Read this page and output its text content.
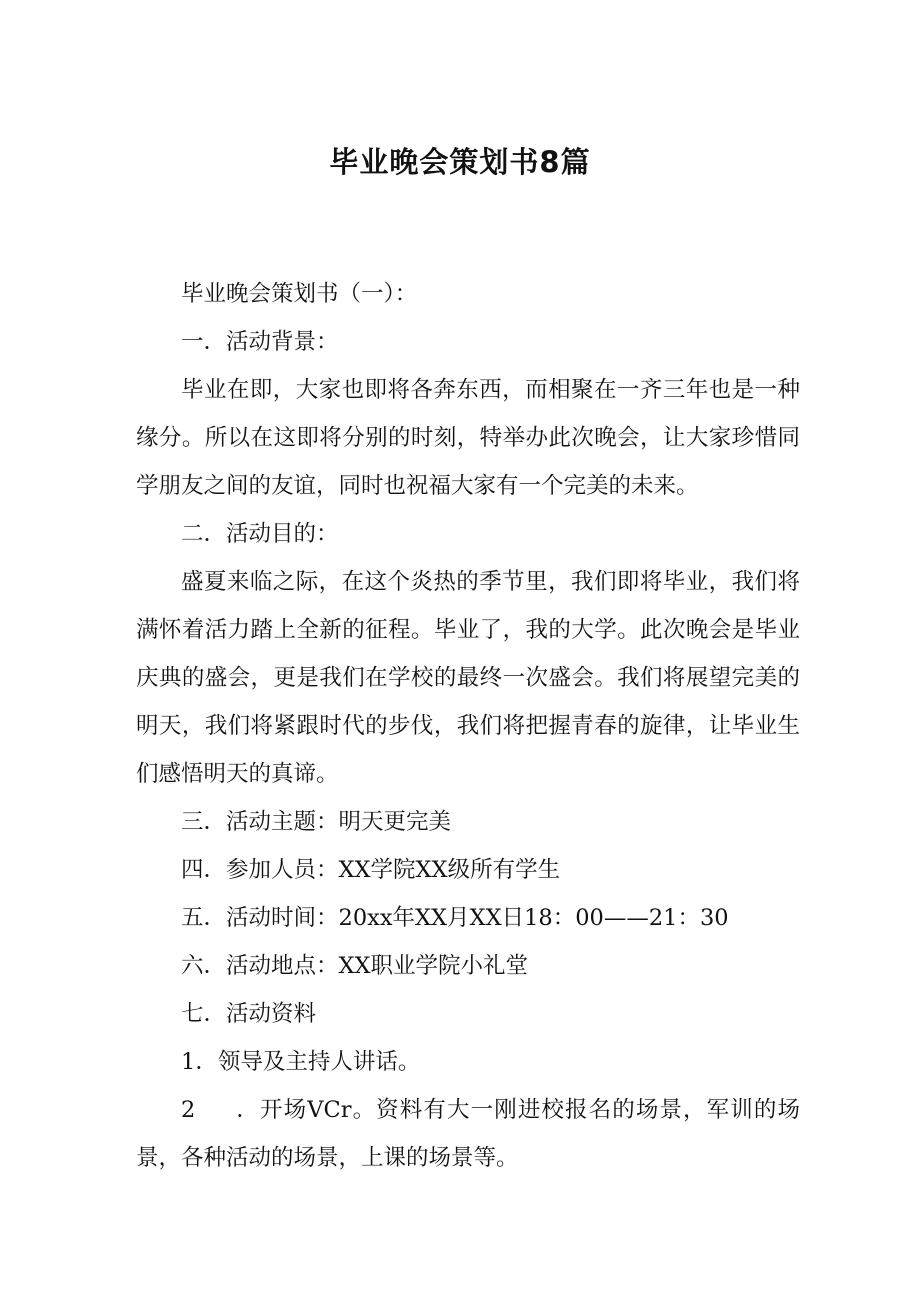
毕业晚会策划书8篇

毕业晚会策划书（一）：

一．活动背景：

毕业在即，大家也即将各奔东西，而相聚在一齐三年也是一种缘分。所以在这即将分别的时刻，特举办此次晚会，让大家珍惜同学朋友之间的友谊，同时也祝福大家有一个完美的未来。

二．活动目的：

盛夏来临之际，在这个炎热的季节里，我们即将毕业，我们将满怀着活力踏上全新的征程。毕业了，我的大学。此次晚会是毕业庆典的盛会，更是我们在学校的最终一次盛会。我们将展望完美的明天，我们将紧跟时代的步伐，我们将把握青春的旋律，让毕业生们感悟明天的真谛。

三．活动主题：明天更完美

四．参加人员：XX学院XX级所有学生

五．活动时间：20xx年XX月XX日18：00——21：30

六．活动地点：XX职业学院小礼堂

七．活动资料

1．领导及主持人讲话。

2 ．开场VCr。资料有大一刚进校报名的场景，军训的场景，各种活动的场景，上课的场景等。
